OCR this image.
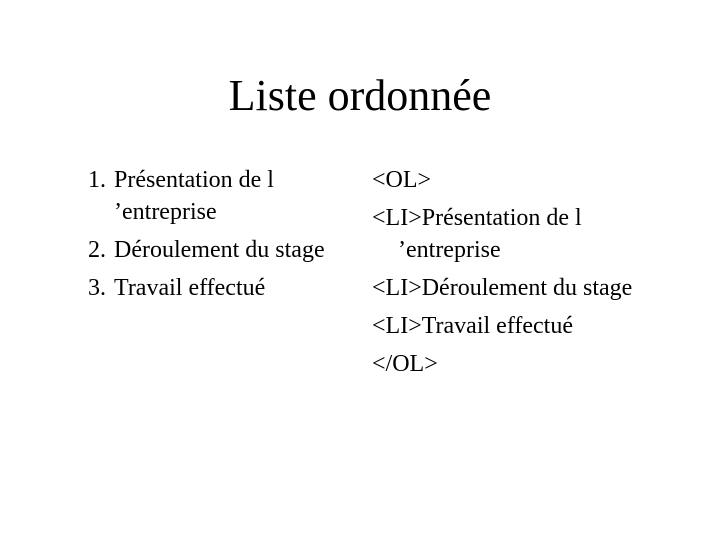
Liste ordonnée
1. Présentation de l ’entreprise
2. Déroulement du stage
3. Travail effectué
<OL>
<LI>Présentation de l ’entreprise
<LI>Déroulement du stage
<LI>Travail effectué
</OL>
